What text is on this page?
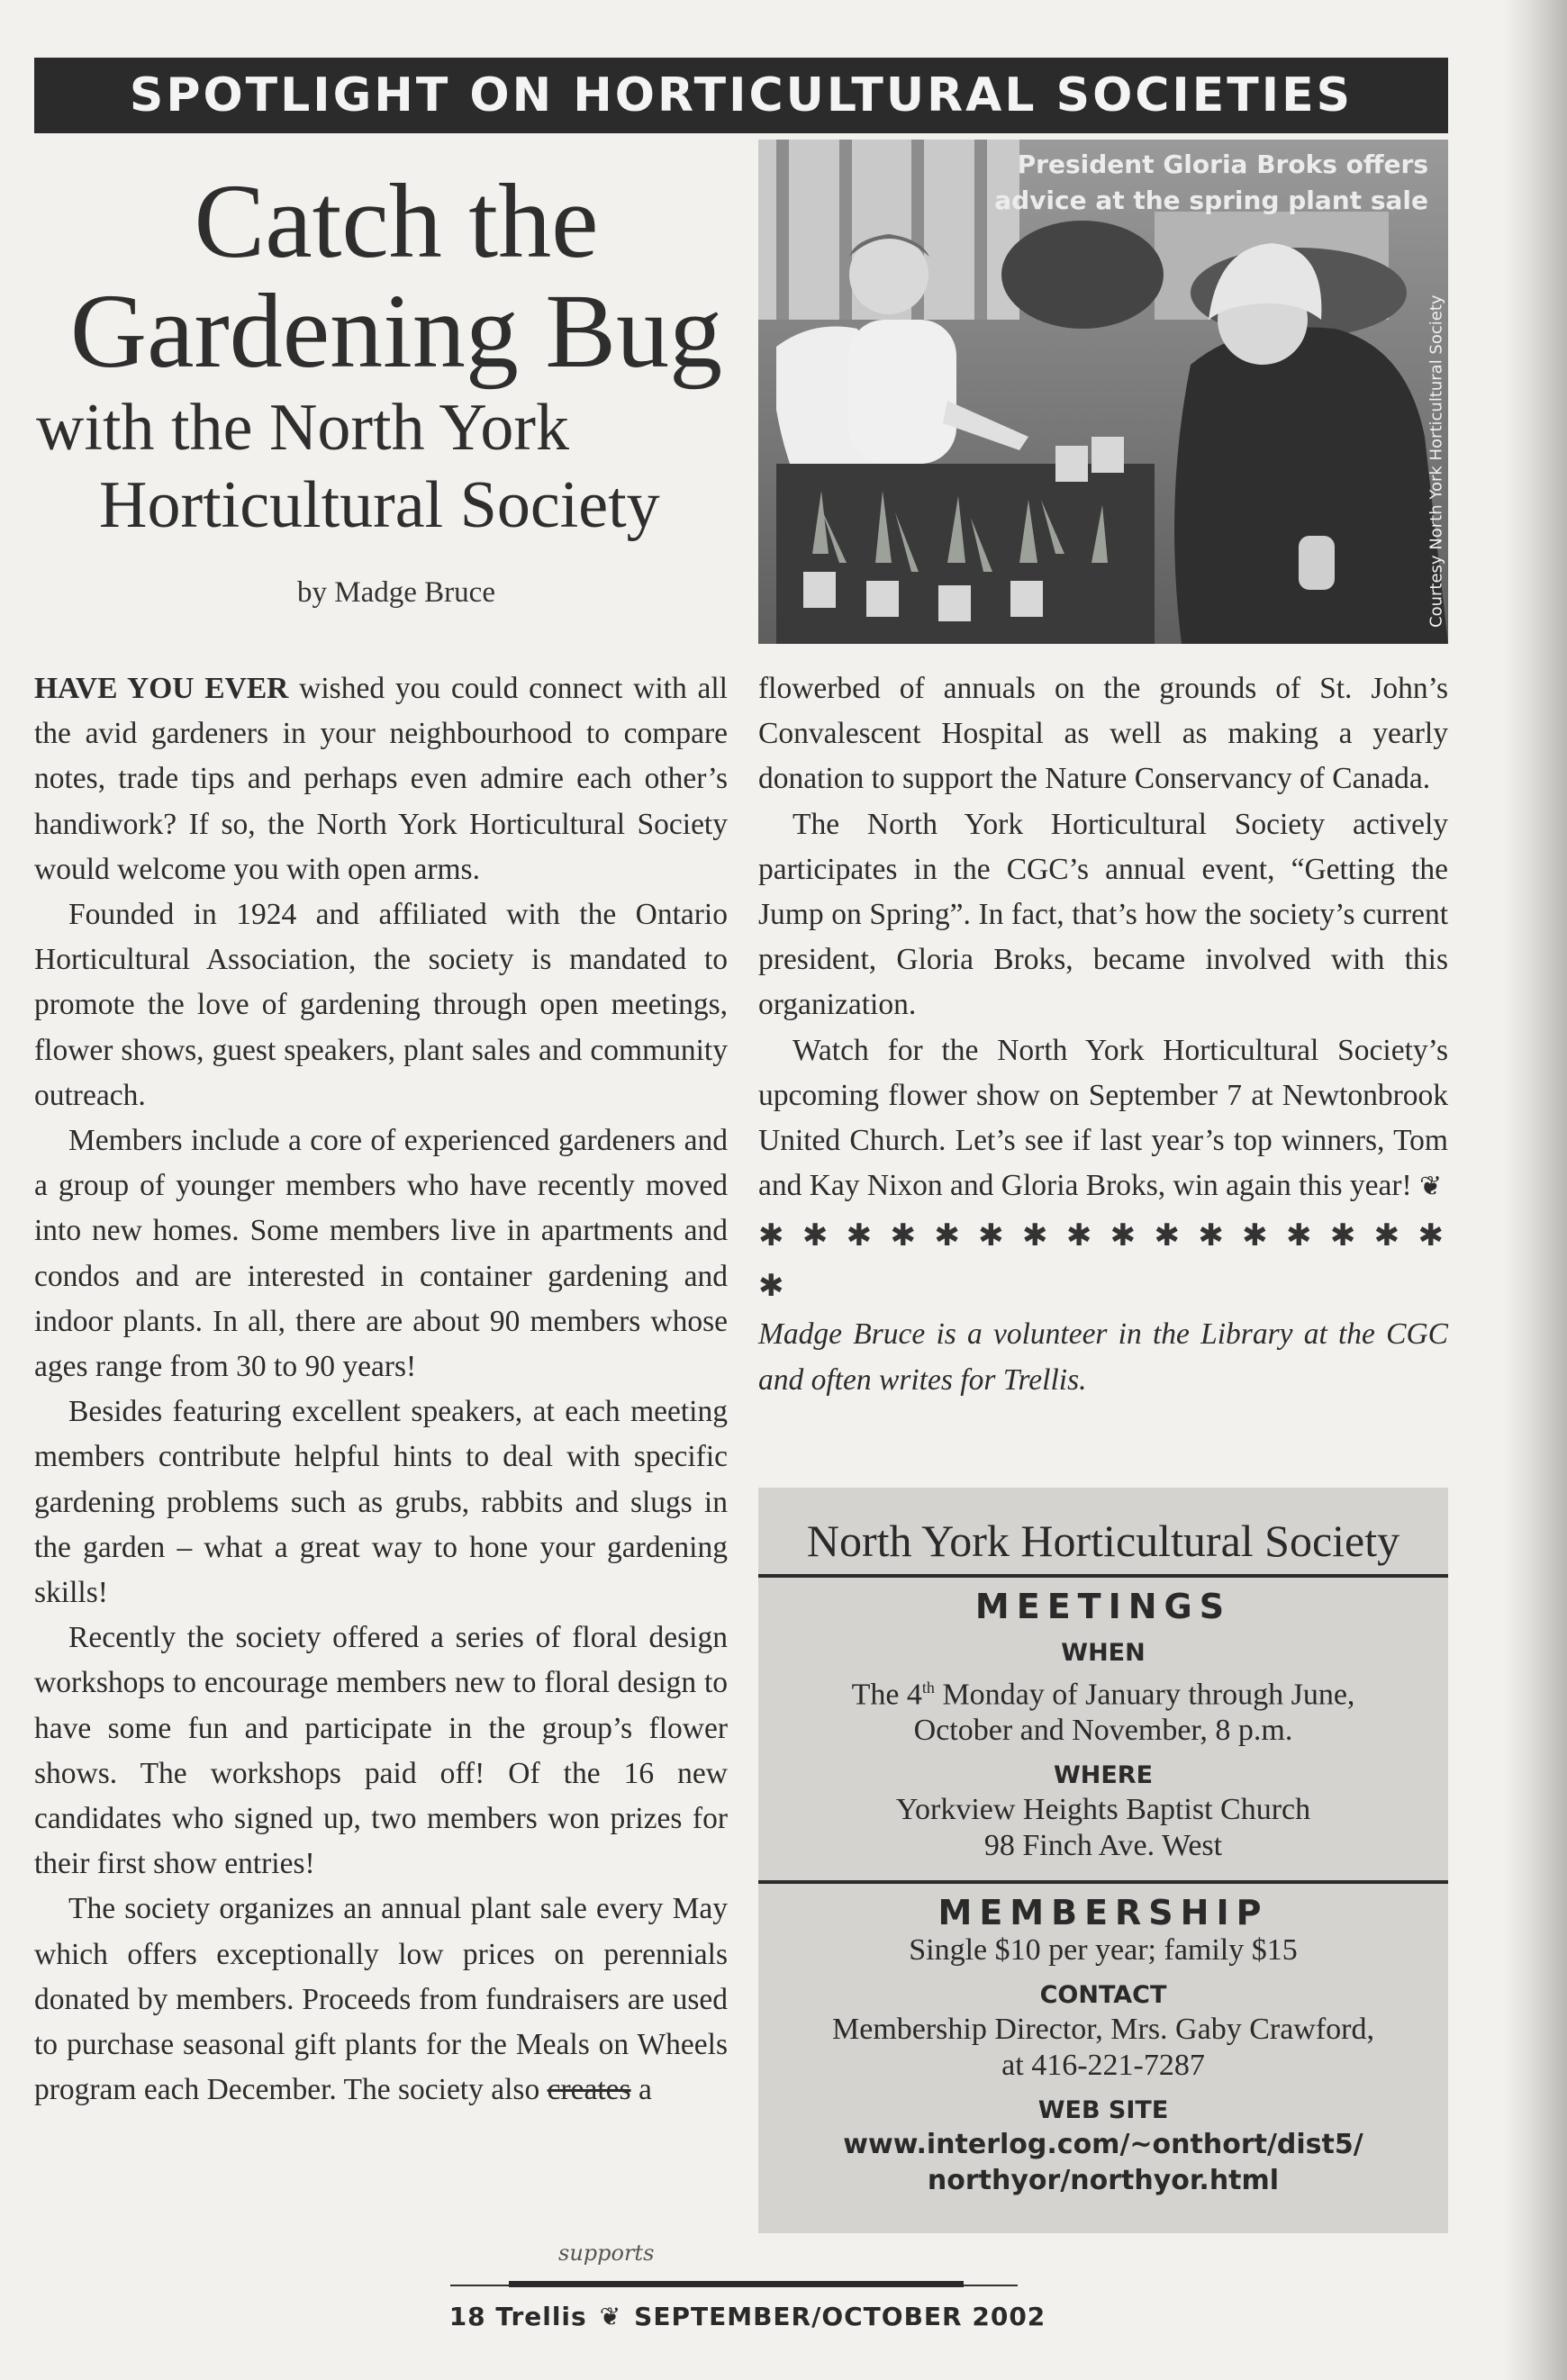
SPOTLIGHT ON HORTICULTURAL SOCIETIES
Catch the
Gardening Bug
with the North York
Horticultural Society
by Madge Bruce
President Gloria Broks offers
advice at the spring plant sale
Courtesy North York Horticultural Society

HAVE YOU EVER wished you could connect with all the avid gardeners in your neighbourhood to compare notes, trade tips and perhaps even admire each other’s handiwork? If so, the North York Horticultural Society would welcome you with open arms.

Founded in 1924 and affiliated with the Ontario Horticultural Association, the society is mandated to promote the love of gardening through open meetings, flower shows, guest speakers, plant sales and community outreach.

Members include a core of experienced gardeners and a group of younger members who have recently moved into new homes. Some members live in apartments and condos and are interested in container gardening and indoor plants. In all, there are about 90 members whose ages range from 30 to 90 years!

Besides featuring excellent speakers, at each meeting members contribute helpful hints to deal with specific gardening problems such as grubs, rabbits and slugs in the garden – what a great way to hone your gardening skills!

Recently the society offered a series of floral design workshops to encourage members new to floral design to have some fun and participate in the group’s flower shows. The workshops paid off! Of the 16 new candidates who signed up, two members won prizes for their first show entries!

The society organizes an annual plant sale every May which offers exceptionally low prices on perennials donated by members. Proceeds from fundraisers are used to purchase seasonal gift plants for the Meals on Wheels program each December. The society also creates a

supports

flowerbed of annuals on the grounds of St. John’s Convalescent Hospital as well as making a yearly donation to support the Nature Conservancy of Canada.

The North York Horticultural Society actively participates in the CGC’s annual event, “Getting the Jump on Spring”. In fact, that’s how the society’s current president, Gloria Broks, became involved with this organization.

Watch for the North York Horticultural Society’s upcoming flower show on September 7 at Newtonbrook United Church. Let’s see if last year’s top winners, Tom and Kay Nixon and Gloria Broks, win again this year! ❦

✱ ✱ ✱ ✱ ✱ ✱ ✱ ✱ ✱ ✱ ✱ ✱ ✱ ✱ ✱ ✱ ✱

Madge Bruce is a volunteer in the Library at the CGC and often writes for Trellis.

North York Horticultural Society
MEETINGS
WHEN
The 4th Monday of January through June,
October and November, 8 p.m.
WHERE
Yorkview Heights Baptist Church
98 Finch Ave. West
MEMBERSHIP
Single $10 per year; family $15
CONTACT
Membership Director, Mrs. Gaby Crawford,
at 416-221-7287
WEB SITE
www.interlog.com/~onthort/dist5/
northyor/northyor.html
18 Trellis ❦ SEPTEMBER/OCTOBER 2002
